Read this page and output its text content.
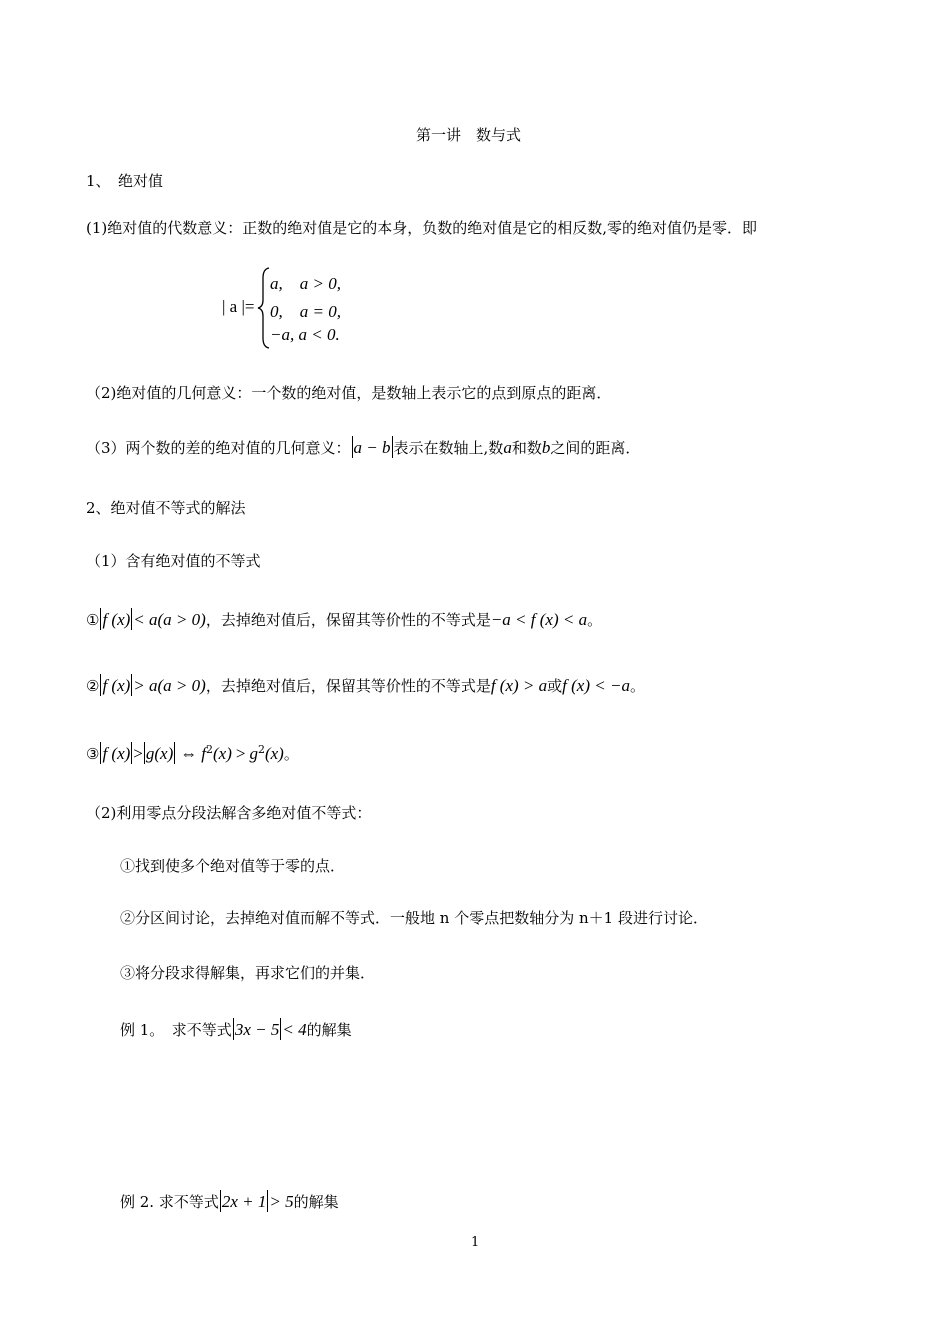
第一讲　数与式
1、　绝对值
(1)绝对值的代数意义：正数的绝对值是它的本身，负数的绝对值是它的相反数,零的绝对值仍是零．即
| a |=
a,　a > 0,
0,　a = 0,
−a, a < 0.
（2)绝对值的几何意义：一个数的绝对值，是数轴上表示它的点到原点的距离．
（3）两个数的差的绝对值的几何意义： a − b 表示在数轴上,数a和数b之间的距离．
2、绝对值不等式的解法
（1）含有绝对值的不等式
① f (x) < a(a > 0)，去掉绝对值后，保留其等价性的不等式是−a < f (x) < a。
② f (x) > a(a > 0)，去掉绝对值后，保留其等价性的不等式是f (x) > a或f (x) < −a。
③ f (x) > g(x) ⇔ $f^2(x) > g^2(x)$。
（2)利用零点分段法解含多绝对值不等式：
①找到使多个绝对值等于零的点．
②分区间讨论，去掉绝对值而解不等式．一般地 n 个零点把数轴分为 n＋1 段进行讨论．
③将分段求得解集，再求它们的并集．
例 1。　求不等式 3x − 5 < 4的解集
例 2. 求不等式 2x + 1 > 5的解集
1
